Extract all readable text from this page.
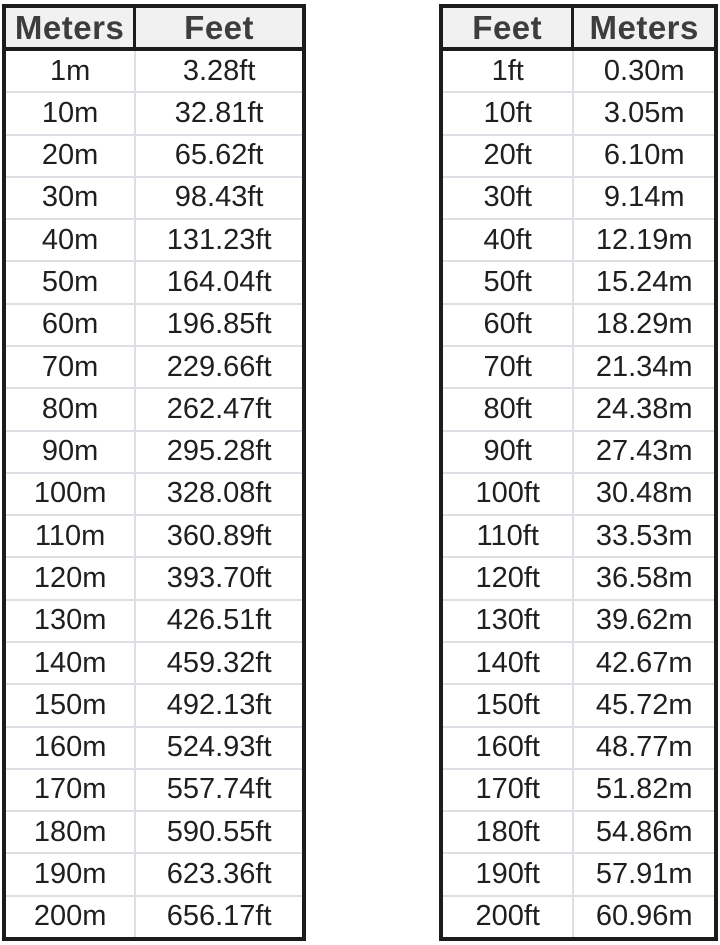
Meters	Feet
1m	3.28ft
10m	32.81ft
20m	65.62ft
30m	98.43ft
40m	131.23ft
50m	164.04ft
60m	196.85ft
70m	229.66ft
80m	262.47ft
90m	295.28ft
100m	328.08ft
110m	360.89ft
120m	393.70ft
130m	426.51ft
140m	459.32ft
150m	492.13ft
160m	524.93ft
170m	557.74ft
180m	590.55ft
190m	623.36ft
200m	656.17ft
Feet	Meters
1ft	0.30m
10ft	3.05m
20ft	6.10m
30ft	9.14m
40ft	12.19m
50ft	15.24m
60ft	18.29m
70ft	21.34m
80ft	24.38m
90ft	27.43m
100ft	30.48m
110ft	33.53m
120ft	36.58m
130ft	39.62m
140ft	42.67m
150ft	45.72m
160ft	48.77m
170ft	51.82m
180ft	54.86m
190ft	57.91m
200ft	60.96m
